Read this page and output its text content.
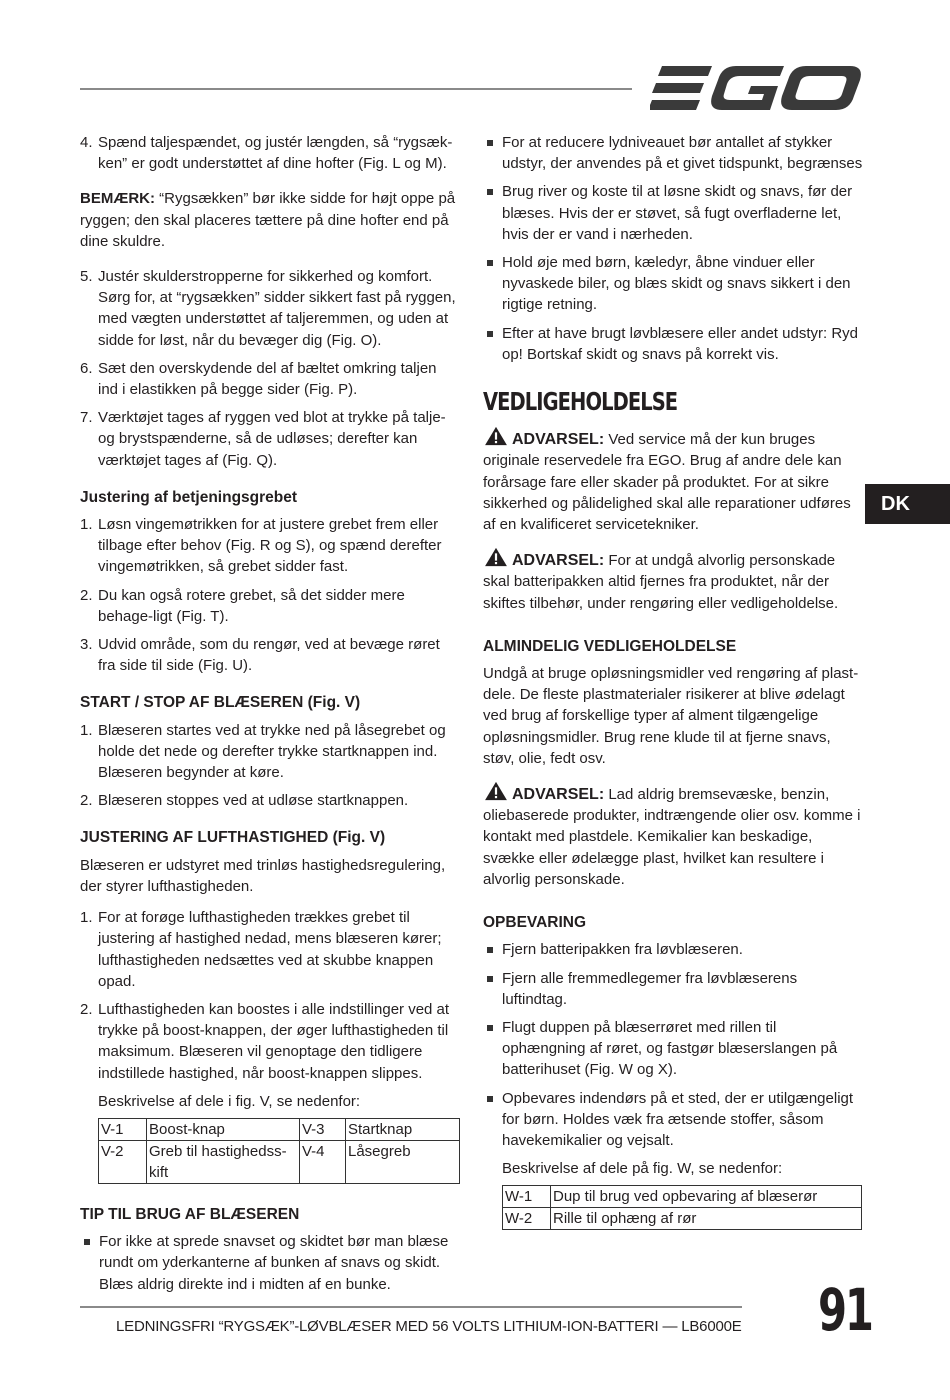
4. Spænd taljespændet, og justér længden, så “rygsæk-ken” er godt understøttet af dine hofter (Fig. L og M).

BEMÆRK: “Rygsækken” bør ikke sidde for højt oppe på ryggen; den skal placeres tættere på dine hofter end på dine skuldre.

5. Justér skulderstropperne for sikkerhed og komfort. Sørg for, at “rygsækken” sidder sikkert fast på ryggen, med vægten understøttet af taljeremmen, og uden at sidde for løst, når du bevæger dig (Fig. O).
6. Sæt den overskydende del af bæltet omkring taljen ind i elastikken på begge sider (Fig. P).
7. Værktøjet tages af ryggen ved blot at trykke på talje- og brystspænderne, så de udløses; derefter kan værktøjet tages af (Fig. Q).
Justering af betjeningsgrebet
1. Løsn vingemøtrikken for at justere grebet frem eller tilbage efter behov (Fig. R og S), og spænd derefter vingemøtrikken, så grebet sidder fast.
2. Du kan også rotere grebet, så det sidder mere behage-ligt (Fig. T).
3. Udvid område, som du rengør, ved at bevæge røret fra side til side (Fig. U).
START / STOP AF BLÆSEREN (Fig. V)
1. Blæseren startes ved at trykke ned på låsegrebet og holde det nede og derefter trykke startknappen ind. Blæseren begynder at køre.
2. Blæseren stoppes ved at udløse startknappen.
JUSTERING AF LUFTHASTIGHED (Fig. V)

Blæseren er udstyret med trinløs hastighedsregulering, der styrer lufthastigheden.

1. For at forøge lufthastigheden trækkes grebet til justering af hastighed nedad, mens blæseren kører; lufthastigheden nedsættes ved at skubbe knappen opad.
2. Lufthastigheden kan boostes i alle indstillinger ved at trykke på boost-knappen, der øger lufthastigheden til maksimum. Blæseren vil genoptage den tidligere indstillede hastighed, når boost-knappen slippes.

Beskrivelse af dele i fig. V, se nedenfor:

V-1	Boost-knap	V-3	Startknap
V-2	Greb til hastighedss-kift	V-4	Låsegreb
TIP TIL BRUG AF BLÆSEREN
For ikke at sprede snavset og skidtet bør man blæse rundt om yderkanterne af bunken af snavs og skidt. Blæs aldrig direkte ind i midten af en bunke.
For at reducere lydniveauet bør antallet af stykker udstyr, der anvendes på et givet tidspunkt, begrænses
Brug river og koste til at løsne skidt og snavs, før der blæses. Hvis der er støvet, så fugt overfladerne let, hvis der er vand i nærheden.
Hold øje med børn, kæledyr, åbne vinduer eller nyvaskede biler, og blæs skidt og snavs sikkert i den rigtige retning.
Efter at have brugt løvblæsere eller andet udstyr: Ryd op! Bortskaf skidt og snavs på korrekt vis.
VEDLIGEHOLDELSE

ADVARSEL: Ved service må der kun bruges originale reservedele fra EGO. Brug af andre dele kan forårsage fare eller skader på produktet. For at sikre sikkerhed og pålidelighed skal alle reparationer udføres af en kvalificeret servicetekniker.

ADVARSEL: For at undgå alvorlig personskade skal batteripakken altid fjernes fra produktet, når der skiftes tilbehør, under rengøring eller vedligeholdelse.

ALMINDELIG VEDLIGEHOLDELSE

Undgå at bruge opløsningsmidler ved rengøring af plast-dele. De fleste plastmaterialer risikerer at blive ødelagt ved brug af forskellige typer af alment tilgængelige opløsningsmidler. Brug rene klude til at fjerne snavs, støv, olie, fedt osv.

ADVARSEL: Lad aldrig bremsevæske, benzin, oliebaserede produkter, indtrængende olier osv. komme i kontakt med plastdele. Kemikalier kan beskadige, svække eller ødelægge plast, hvilket kan resultere i alvorlig personskade.

OPBEVARING
Fjern batteripakken fra løvblæseren.
Fjern alle fremmedlegemer fra løvblæserens luftindtag.
Flugt duppen på blæserrøret med rillen til ophængning af røret, og fastgør blæserslangen på batterihuset (Fig. W og X).
Opbevares indendørs på et sted, der er utilgængeligt for børn. Holdes væk fra ætsende stoffer, såsom havekemikalier og vejsalt.

Beskrivelse af dele på fig. W, se nedenfor:

W-1	Dup til brug ved opbevaring af blæserør
W-2	Rille til ophæng af rør
DK
LEDNINGSFRI “RYGSÆK”-LØVBLÆSER MED 56 VOLTS LITHIUM-ION-BATTERI — LB6000E 91
